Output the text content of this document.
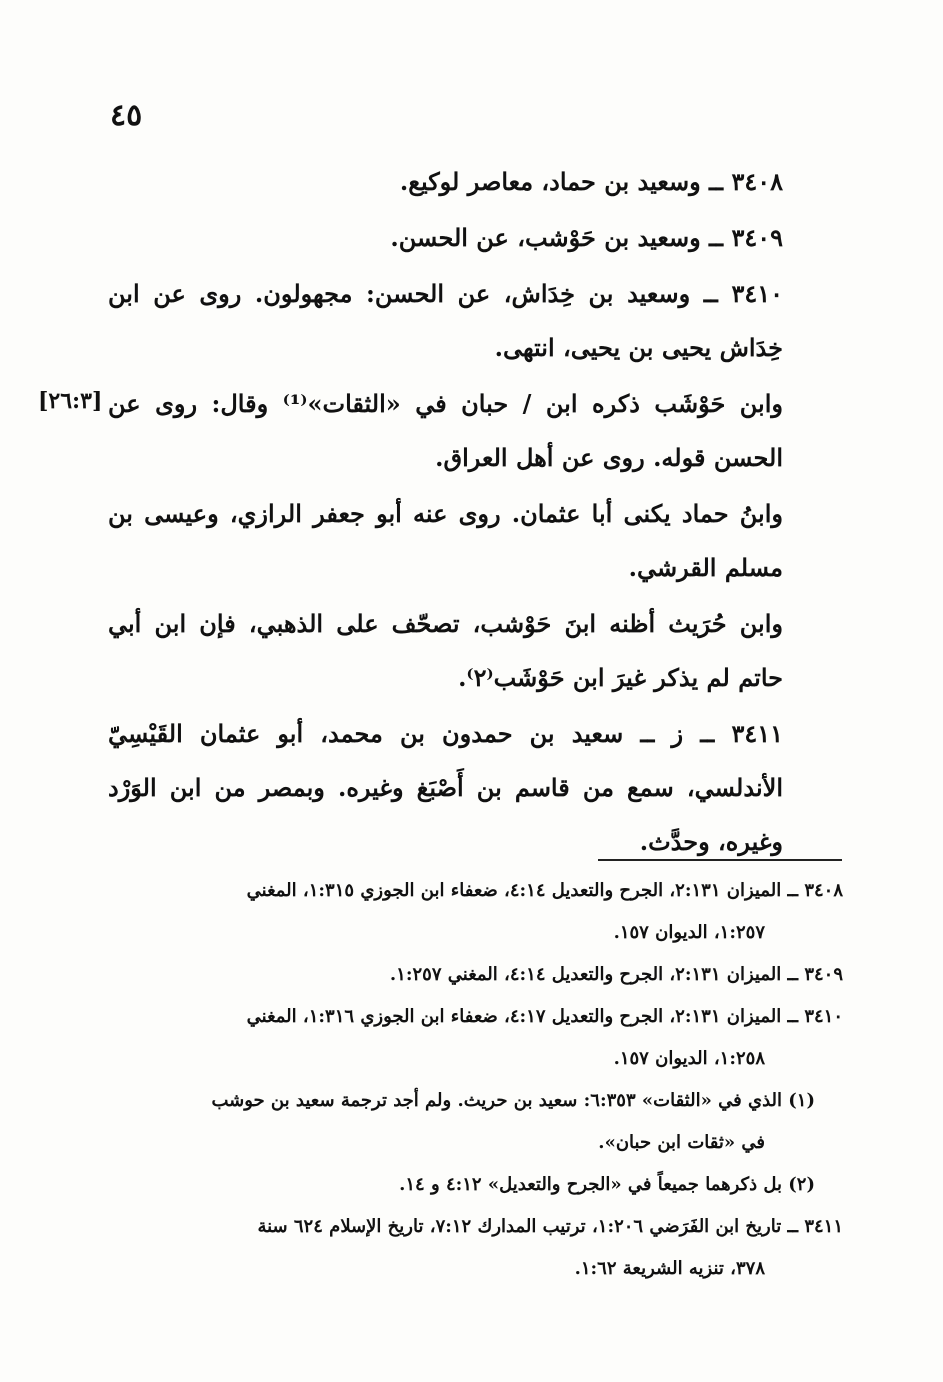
٤٥
[٢٦:٣]

٣٤٠٨ ــ وسعيد بن حماد، معاصر لوكيع.

٣٤٠٩ ــ وسعيد بن حَوْشب، عن الحسن.

٣٤١٠ ــ وسعيد بن خِدَاش، عن الحسن: مجهولون. روى عن ابن خِدَاش يحيى بن يحيى، انتهى.

وابن حَوْشَب ذكره ابن / حبان في «الثقات»⁽¹⁾ وقال: روى عن الحسن قوله. روى عن أهل العراق.

وابنُ حماد يكنى أبا عثمان. روى عنه أبو جعفر الرازي، وعيسى بن مسلم القرشي.

وابن حُرَيث أظنه ابنَ حَوْشب، تصحّف على الذهبي، فإن ابن أبي حاتم لم يذكر غيرَ ابن حَوْشَب⁽٢⁾.

٣٤١١ ــ ز ــ سعيد بن حمدون بن محمد، أبو عثمان القَيْسِيّ الأندلسي، سمع من قاسم بن أَصْبَغ وغيره. وبمصر من ابن الوَرْد وغيره، وحدَّث.

٣٤٠٨ ــ الميزان ٢:١٣١، الجرح والتعديل ٤:١٤، ضعفاء ابن الجوزي ١:٣١٥، المغني

١:٢٥٧، الديوان ١٥٧.

٣٤٠٩ ــ الميزان ٢:١٣١، الجرح والتعديل ٤:١٤، المغني ١:٢٥٧.

٣٤١٠ ــ الميزان ٢:١٣١، الجرح والتعديل ٤:١٧، ضعفاء ابن الجوزي ١:٣١٦، المغني

١:٢٥٨، الديوان ١٥٧.

(١) الذي في «الثقات» ٦:٣٥٣: سعيد بن حريث. ولم أجد ترجمة سعيد بن حوشب

في «ثقات ابن حبان».

(٢) بل ذكرهما جميعاً في «الجرح والتعديل» ٤:١٢ و ١٤.

٣٤١١ ــ تاريخ ابن الفَرَضي ١:٢٠٦، ترتيب المدارك ٧:١٢، تاريخ الإسلام ٦٢٤ سنة

٣٧٨، تنزيه الشريعة ١:٦٢.
